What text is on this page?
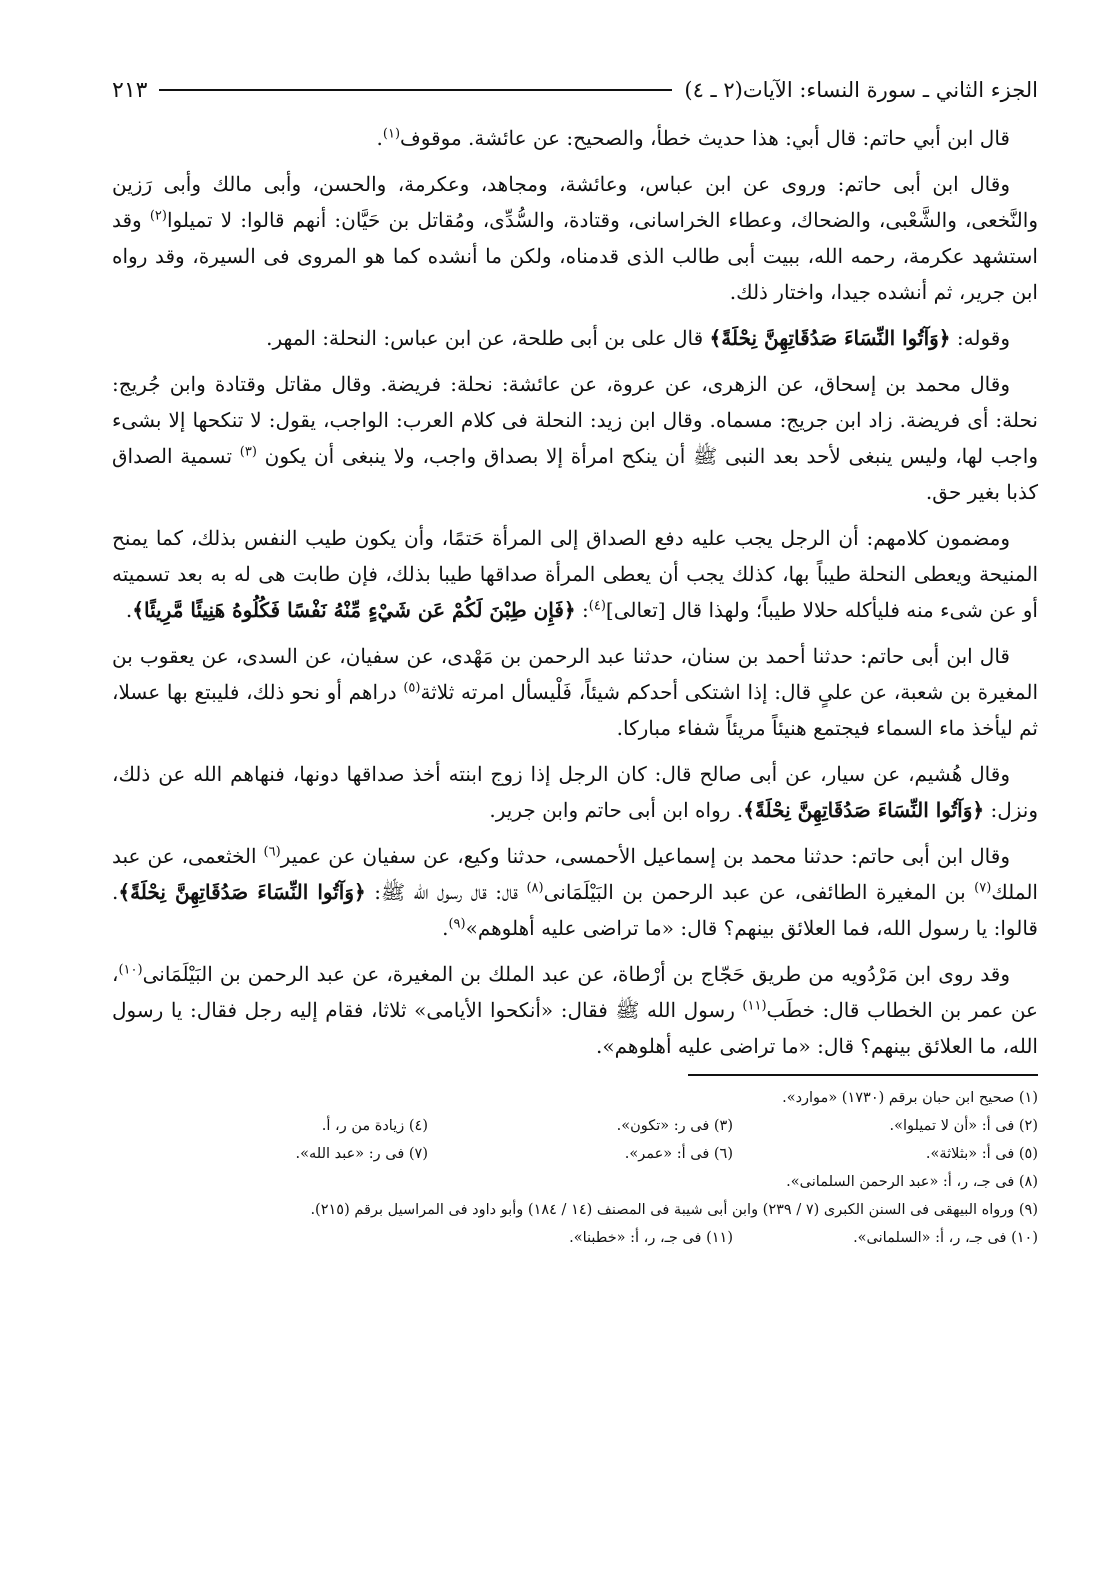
الجزء الثاني ـ سورة النساء: الآيات(٢ ـ ٤)
٢١٣

قال ابن أبي حاتم: قال أبي: هذا حديث خطأ، والصحيح: عن عائشة. موقوف$^{(١)}$.

وقال ابن أبى حاتم: وروى عن ابن عباس، وعائشة، ومجاهد، وعكرمة، والحسن، وأبى مالك وأبى رَزين والنَّخعى، والشَّعْبى، والضحاك، وعطاء الخراسانى، وقتادة، والسُّدِّى، ومُقاتل بن حَيَّان: أنهم قالوا: لا تميلوا$^{(٢)}$ وقد استشهد عكرمة، رحمه الله، ببيت أبى طالب الذى قدمناه، ولكن ما أنشده كما هو المروى فى السيرة، وقد رواه ابن جرير، ثم أنشده جيدا، واختار ذلك.

وقوله: ﴿وَآتُوا النِّسَاءَ صَدُقَاتِهِنَّ نِحْلَةً﴾ قال على بن أبى طلحة، عن ابن عباس: النحلة: المهر.

وقال محمد بن إسحاق، عن الزهرى، عن عروة، عن عائشة: نحلة: فريضة. وقال مقاتل وقتادة وابن جُريج: نحلة: أى فريضة. زاد ابن جريج: مسماه. وقال ابن زيد: النحلة فى كلام العرب: الواجب، يقول: لا تنكحها إلا بشىء واجب لها، وليس ينبغى لأحد بعد النبى ﷺ أن ينكح امرأة إلا بصداق واجب، ولا ينبغى أن يكون $^{(٣)}$ تسمية الصداق كذبا بغير حق.

ومضمون كلامهم: أن الرجل يجب عليه دفع الصداق إلى المرأة حَتمًا، وأن يكون طيب النفس بذلك، كما يمنح المنيحة ويعطى النحلة طيباً بها، كذلك يجب أن يعطى المرأة صداقها طيبا بذلك، فإن طابت هى له به بعد تسميته أو عن شىء منه فليأكله حلالا طيباً؛ ولهذا قال [تعالى]$^{(٤)}$: ﴿فَإِن طِبْنَ لَكُمْ عَن شَيْءٍ مِّنْهُ نَفْسًا فَكُلُوهُ هَنِيئًا مَّرِيئًا﴾.

قال ابن أبى حاتم: حدثنا أحمد بن سنان، حدثنا عبد الرحمن بن مَهْدى، عن سفيان، عن السدى، عن يعقوب بن المغيرة بن شعبة، عن علىٍ قال: إذا اشتكى أحدكم شيئاً، فَلْيسأل امرته ثلاثة$^{(٥)}$ دراهم أو نحو ذلك، فليبتع بها عسلا، ثم ليأخذ ماء السماء فيجتمع هنيئاً مريئاً شفاء مباركا.

وقال هُشيم، عن سيار، عن أبى صالح قال: كان الرجل إذا زوج ابنته أخذ صداقها دونها، فنهاهم الله عن ذلك، ونزل: ﴿وَآتُوا النِّسَاءَ صَدُقَاتِهِنَّ نِحْلَةً﴾. رواه ابن أبى حاتم وابن جرير.

وقال ابن أبى حاتم: حدثنا محمد بن إسماعيل الأحمسى، حدثنا وكيع، عن سفيان عن عمير$^{(٦)}$ الخثعمى، عن عبد الملك$^{(٧)}$ بن المغيرة الطائفى، عن عبد الرحمن بن البَيْلَمَانى$^{(٨)}$ قال: قال رسول الله ﷺ: ﴿وَآتُوا النِّسَاءَ صَدُقَاتِهِنَّ نِحْلَةً﴾. قالوا: يا رسول الله، فما العلائق بينهم؟ قال: «ما تراضى عليه أهلوهم»$^{(٩)}$.

وقد روى ابن مَرْدُويه من طريق حَجّاج بن أرْطاة، عن عبد الملك بن المغيرة، عن عبد الرحمن بن البَيْلَمَانى$^{(١٠)}$، عن عمر بن الخطاب قال: خطَب$^{(١١)}$ رسول الله ﷺ فقال: «أنكحوا الأيامى» ثلاثا، فقام إليه رجل فقال: يا رسول الله، ما العلائق بينهم؟ قال: «ما تراضى عليه أهلوهم».

(١) صحيح ابن حبان برقم (١٧٣٠) «موارد».
(٢) فى أ: «أن لا تميلوا».
(٣) فى ر: «تكون».
(٤) زيادة من ر، أ.
(٥) فى أ: «بثلاثة».
(٦) فى أ: «عمر».
(٧) فى ر: «عبد الله».
(٨) فى جـ، ر، أ: «عبد الرحمن السلمانى».
(٩) ورواه البيهقى فى السنن الكبرى (٧ / ٢٣٩) وابن أبى شيبة فى المصنف (١٤ / ١٨٤) وأبو داود فى المراسيل برقم (٢١٥).
(١٠) فى جـ، ر، أ: «السلمانى».
(١١) فى جـ، ر، أ: «خطبنا».
